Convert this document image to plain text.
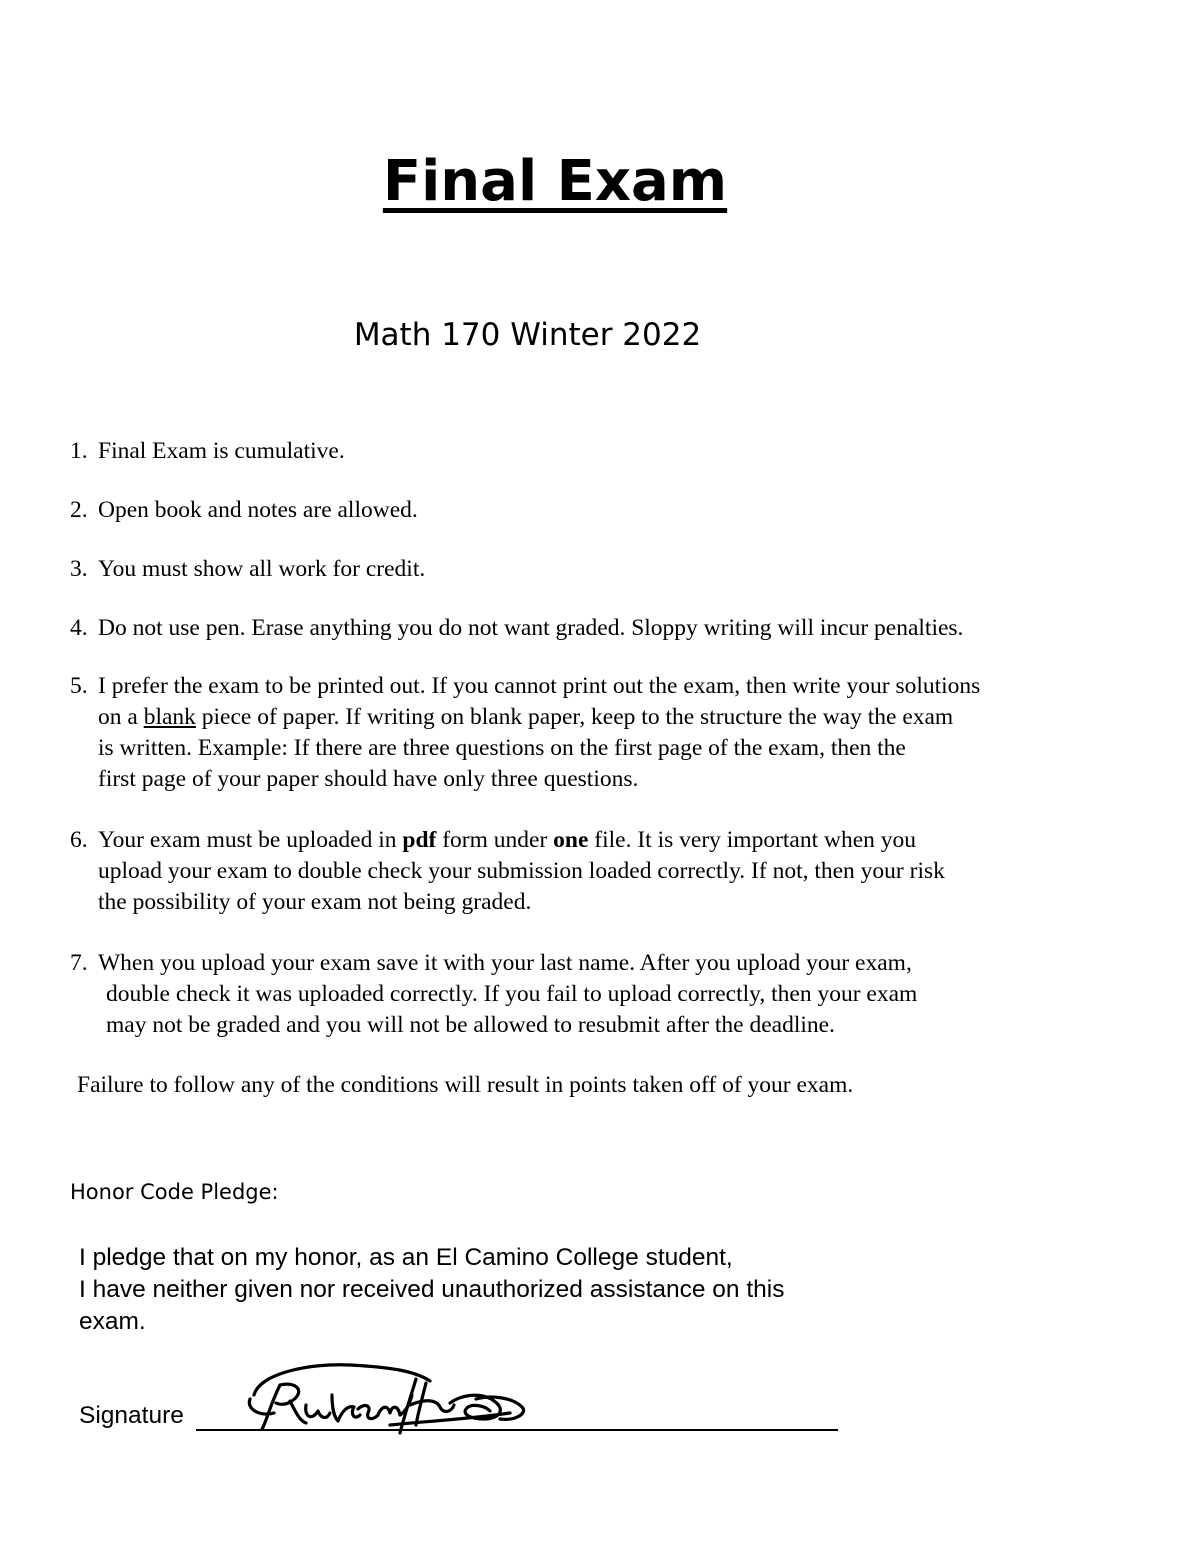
Final Exam
Math 170 Winter 2022
1. Final Exam is cumulative.
2. Open book and notes are allowed.
3. You must show all work for credit.
4. Do not use pen. Erase anything you do not want graded. Sloppy writing will incur penalties.
5. I prefer the exam to be printed out. If you cannot print out the exam, then write your solutions
on a blank piece of paper. If writing on blank paper, keep to the structure the way the exam
is written. Example: If there are three questions on the first page of the exam, then the
first page of your paper should have only three questions.
6. Your exam must be uploaded in pdf form under one file. It is very important when you
upload your exam to double check your submission loaded correctly. If not, then your risk
the possibility of your exam not being graded.
7. When you upload your exam save it with your last name. After you upload your exam,
double check it was uploaded correctly. If you fail to upload correctly, then your exam
may not be graded and you will not be allowed to resubmit after the deadline.
Failure to follow any of the conditions will result in points taken off of your exam.
Honor Code Pledge:
I pledge that on my honor, as an El Camino College student,
I have neither given nor received unauthorized assistance on this
exam.
Signature
